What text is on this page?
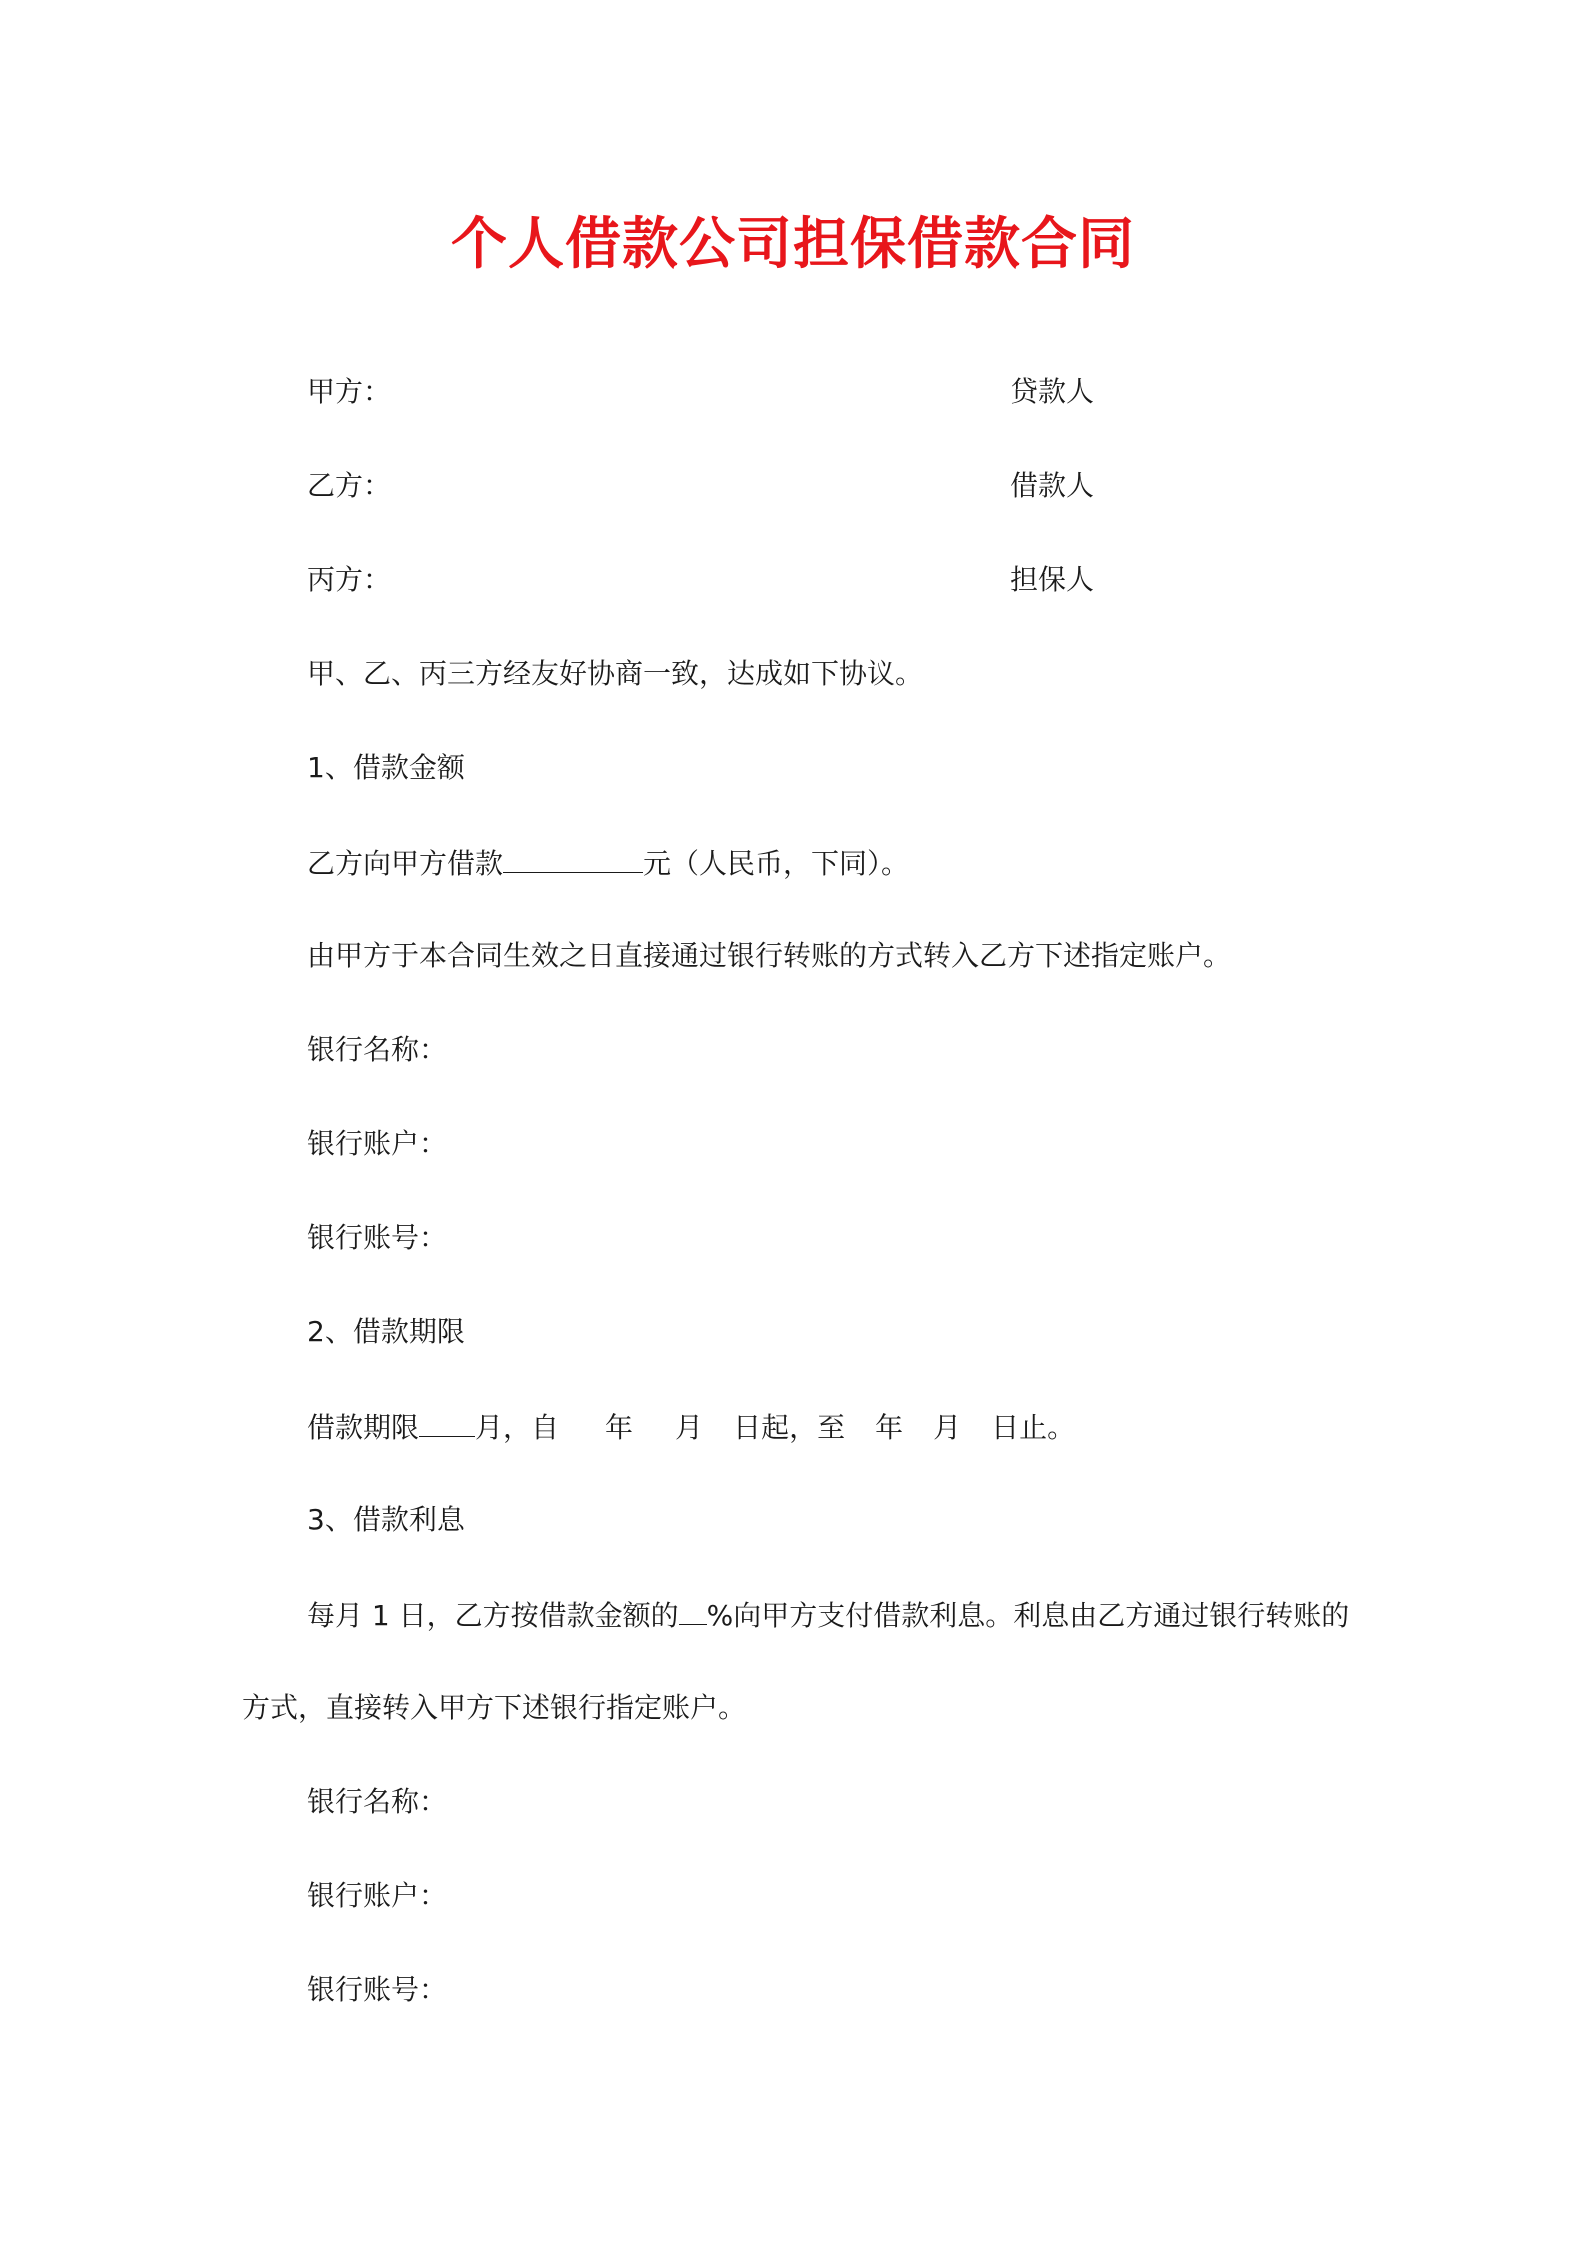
个人借款公司担保借款合同
甲方：	贷款人
乙方：	借款人
丙方：	担保人
甲、乙、丙三方经友好协商一致，达成如下协议。
1、借款金额
乙方向甲方借款	元（人民币，下同）。
由甲方于本合同生效之日直接通过银行转账的方式转入乙方下述指定账户。
银行名称：
银行账户：
银行账号：
2、借款期限
借款期限 月，自 年 月 日起，至 年 月 日止。
3、借款利息
每月 1 日，乙方按借款金额的 %向甲方支付借款利息。利息由乙方通过银行转账的
方式，直接转入甲方下述银行指定账户。
银行名称：
银行账户：
银行账号：
